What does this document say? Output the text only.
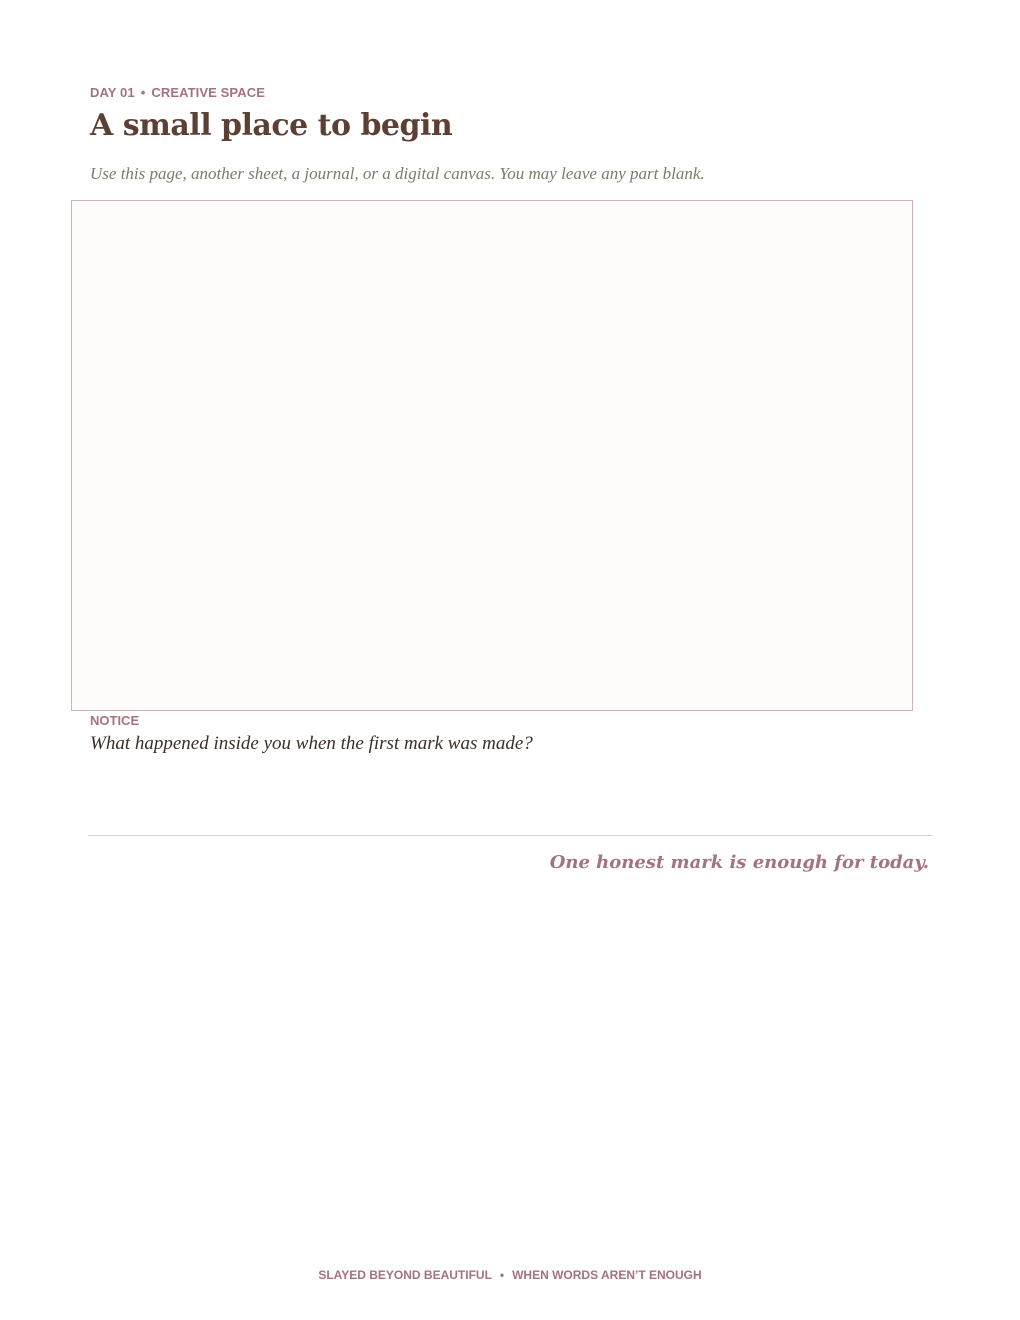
DAY 01 • CREATIVE SPACE
A small place to begin
Use this page, another sheet, a journal, or a digital canvas. You may leave any part blank.
NOTICE
What happened inside you when the first mark was made?
One honest mark is enough for today.
SLAYED BEYOND BEAUTIFUL • WHEN WORDS AREN’T ENOUGH
